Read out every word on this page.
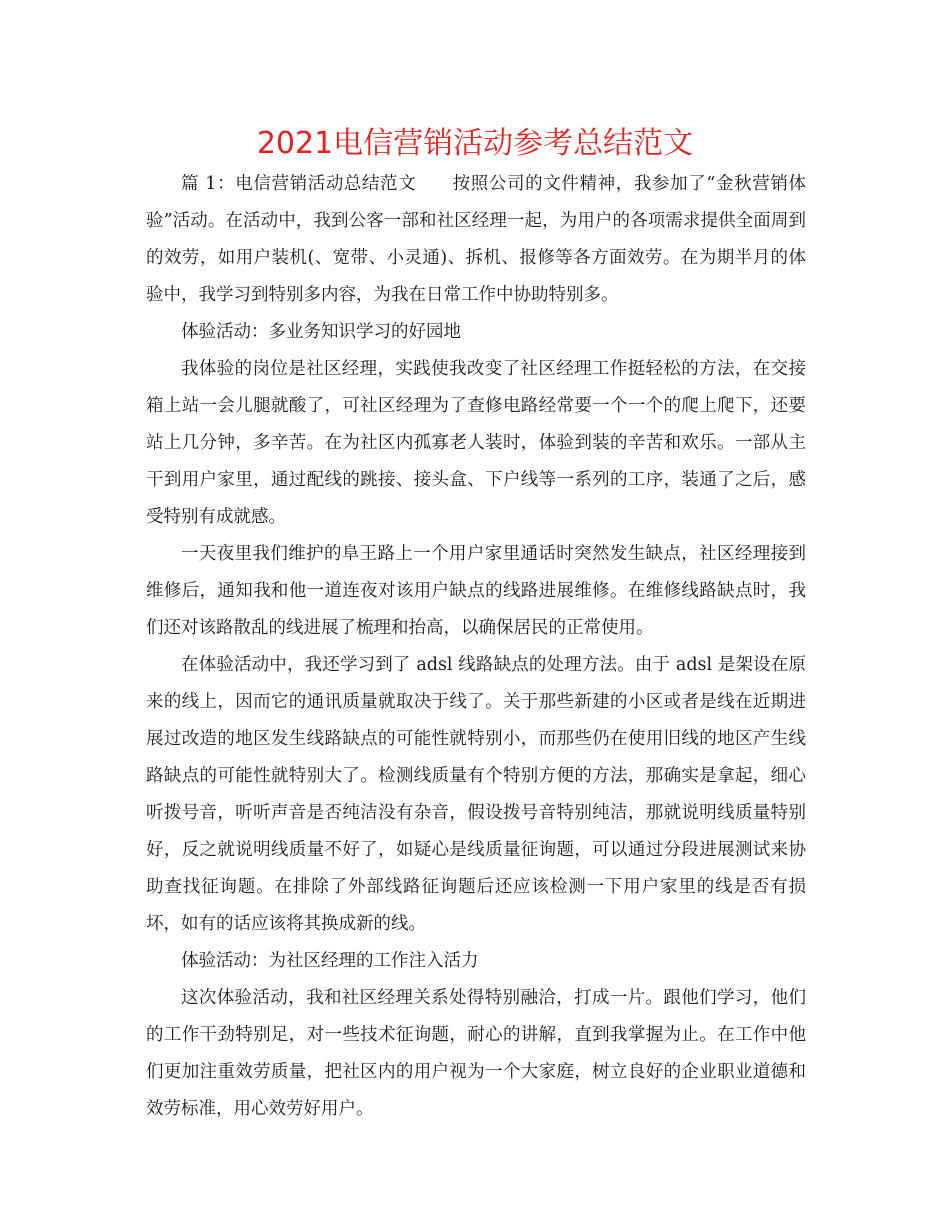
2021电信营销活动参考总结范文

篇 1：电信营销活动总结范文　　按照公司的文件精神，我参加了“金秋营销体验”活动。在活动中，我到公客一部和社区经理一起，为用户的各项需求提供全面周到的效劳，如用户装机(、宽带、小灵通)、拆机、报修等各方面效劳。在为期半月的体验中，我学习到特别多内容，为我在日常工作中协助特别多。

体验活动：多业务知识学习的好园地

我体验的岗位是社区经理，实践使我改变了社区经理工作挺轻松的方法，在交接箱上站一会儿腿就酸了，可社区经理为了查修电路经常要一个一个的爬上爬下，还要站上几分钟，多辛苦。在为社区内孤寡老人装时，体验到装的辛苦和欢乐。一部从主干到用户家里，通过配线的跳接、接头盒、下户线等一系列的工序，装通了之后，感受特别有成就感。

一天夜里我们维护的阜王路上一个用户家里通话时突然发生缺点，社区经理接到维修后，通知我和他一道连夜对该用户缺点的线路进展维修。在维修线路缺点时，我们还对该路散乱的线进展了梳理和抬高，以确保居民的正常使用。

在体验活动中，我还学习到了 adsl 线路缺点的处理方法。由于 adsl 是架设在原来的线上，因而它的通讯质量就取决于线了。关于那些新建的小区或者是线在近期进展过改造的地区发生线路缺点的可能性就特别小，而那些仍在使用旧线的地区产生线路缺点的可能性就特别大了。检测线质量有个特别方便的方法，那确实是拿起，细心听拨号音，听听声音是否纯洁没有杂音，假设拨号音特别纯洁，那就说明线质量特别好，反之就说明线质量不好了，如疑心是线质量征询题，可以通过分段进展测试来协助查找征询题。在排除了外部线路征询题后还应该检测一下用户家里的线是否有损坏，如有的话应该将其换成新的线。

体验活动：为社区经理的工作注入活力

这次体验活动，我和社区经理关系处得特别融洽，打成一片。跟他们学习，他们的工作干劲特别足，对一些技术征询题，耐心的讲解，直到我掌握为止。在工作中他们更加注重效劳质量，把社区内的用户视为一个大家庭，树立良好的企业职业道德和效劳标准，用心效劳好用户。
